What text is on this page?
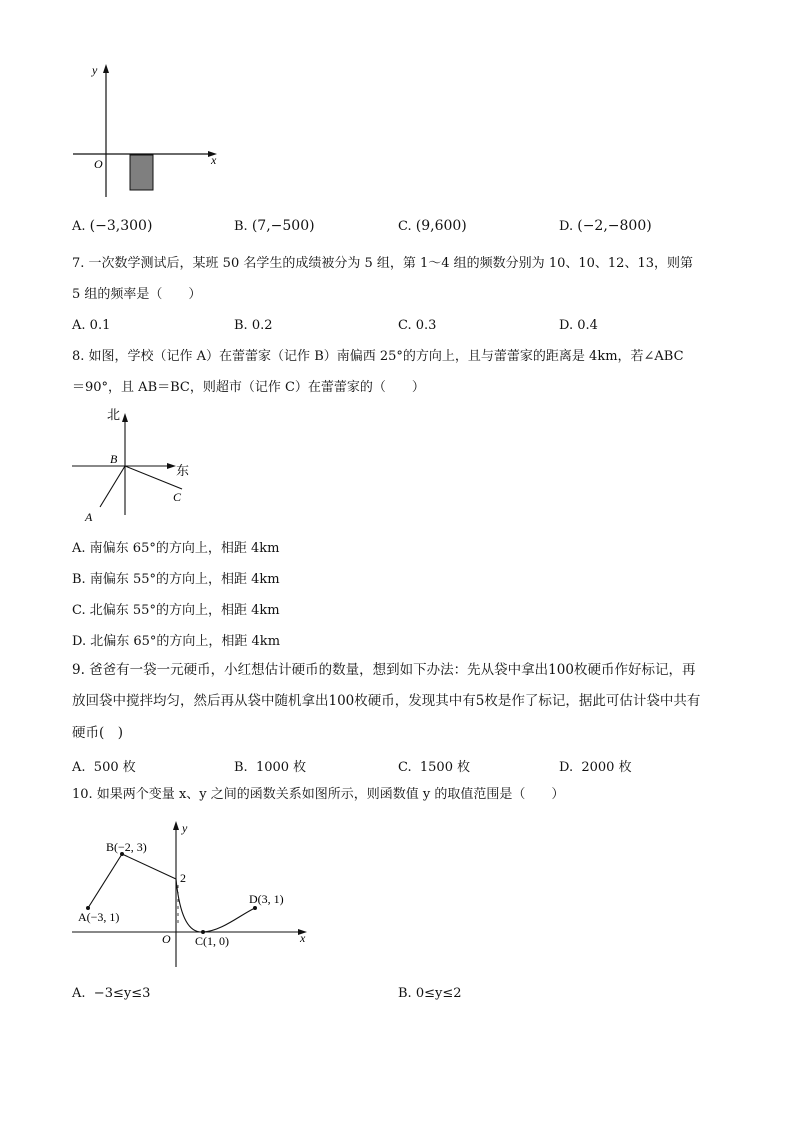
y
x
O
A. (−3,300)	B. (7,−500)	C. (9,600)	D. (−2,−800)
7. 一次数学测试后，某班 50 名学生的成绩被分为 5 组，第 1～4 组的频数分别为 10、10、12、13，则第
5 组的频率是（　　）
A. 0.1	B. 0.2	C. 0.3	D. 0.4
8. 如图，学校（记作 A）在蕾蕾家（记作 B）南偏西 25°的方向上，且与蕾蕾家的距离是 4km，若∠ABC
＝90°，且 AB＝BC，则超市（记作 C）在蕾蕾家的（　　）
北
东
B
C
A
A. 南偏东 65°的方向上，相距 4km
B. 南偏东 55°的方向上，相距 4km
C. 北偏东 55°的方向上，相距 4km
D. 北偏东 65°的方向上，相距 4km
9. 爸爸有一袋一元硬币，小红想估计硬币的数量，想到如下办法：先从袋中拿出100枚硬币作好标记，再
放回袋中搅拌均匀，然后再从袋中随机拿出100枚硬币，发现其中有5枚是作了标记，据此可估计袋中共有
硬币(　)
A. 500 枚	B. 1000 枚	C. 1500 枚	D. 2000 枚
10. 如果两个变量 x、y 之间的函数关系如图所示，则函数值 y 的取值范围是（　　）
y
x
O
2
B(−2, 3)
A(−3, 1)
D(3, 1)
C(1, 0)
A. −3≤y≤3	B. 0≤y≤2
